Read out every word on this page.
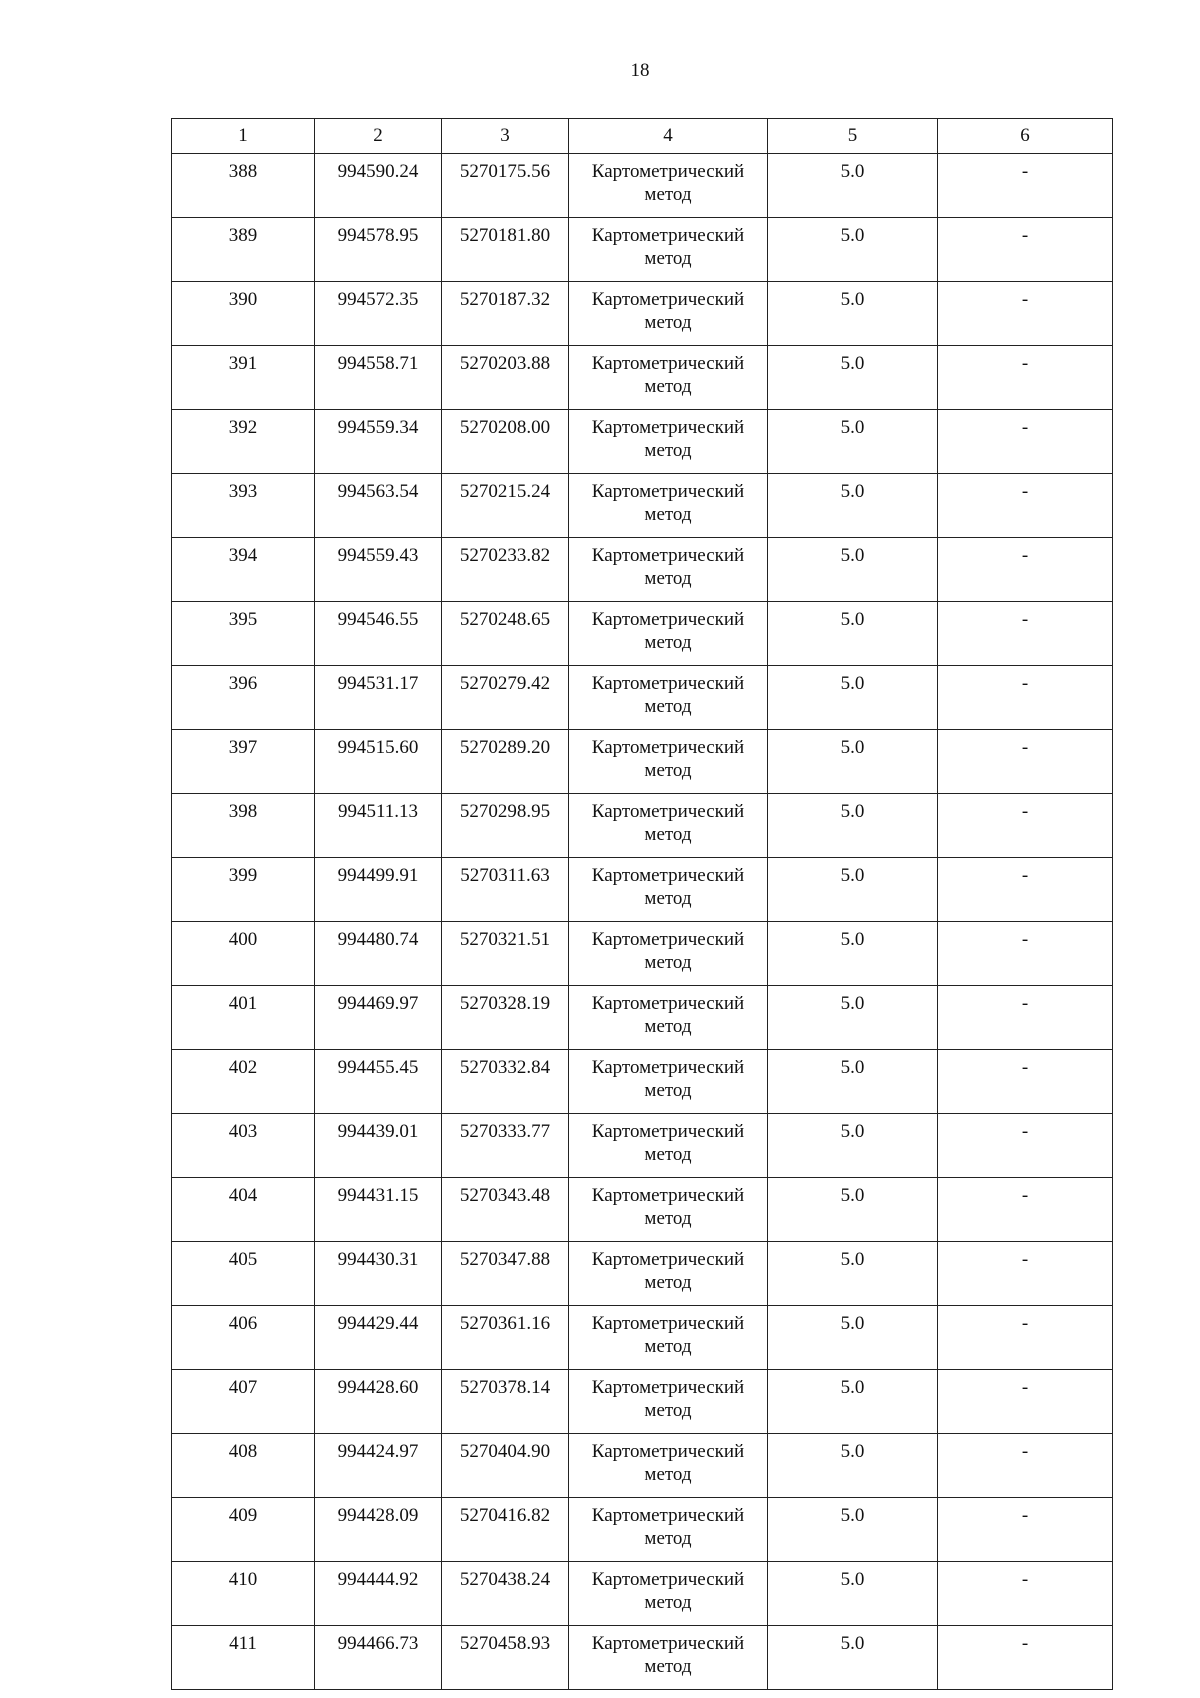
18
1	2	3	4	5	6
388	994590.24	5270175.56	Картометрический метод	5.0	-
389	994578.95	5270181.80	Картометрический метод	5.0	-
390	994572.35	5270187.32	Картометрический метод	5.0	-
391	994558.71	5270203.88	Картометрический метод	5.0	-
392	994559.34	5270208.00	Картометрический метод	5.0	-
393	994563.54	5270215.24	Картометрический метод	5.0	-
394	994559.43	5270233.82	Картометрический метод	5.0	-
395	994546.55	5270248.65	Картометрический метод	5.0	-
396	994531.17	5270279.42	Картометрический метод	5.0	-
397	994515.60	5270289.20	Картометрический метод	5.0	-
398	994511.13	5270298.95	Картометрический метод	5.0	-
399	994499.91	5270311.63	Картометрический метод	5.0	-
400	994480.74	5270321.51	Картометрический метод	5.0	-
401	994469.97	5270328.19	Картометрический метод	5.0	-
402	994455.45	5270332.84	Картометрический метод	5.0	-
403	994439.01	5270333.77	Картометрический метод	5.0	-
404	994431.15	5270343.48	Картометрический метод	5.0	-
405	994430.31	5270347.88	Картометрический метод	5.0	-
406	994429.44	5270361.16	Картометрический метод	5.0	-
407	994428.60	5270378.14	Картометрический метод	5.0	-
408	994424.97	5270404.90	Картометрический метод	5.0	-
409	994428.09	5270416.82	Картометрический метод	5.0	-
410	994444.92	5270438.24	Картометрический метод	5.0	-
411	994466.73	5270458.93	Картометрический метод	5.0	-
